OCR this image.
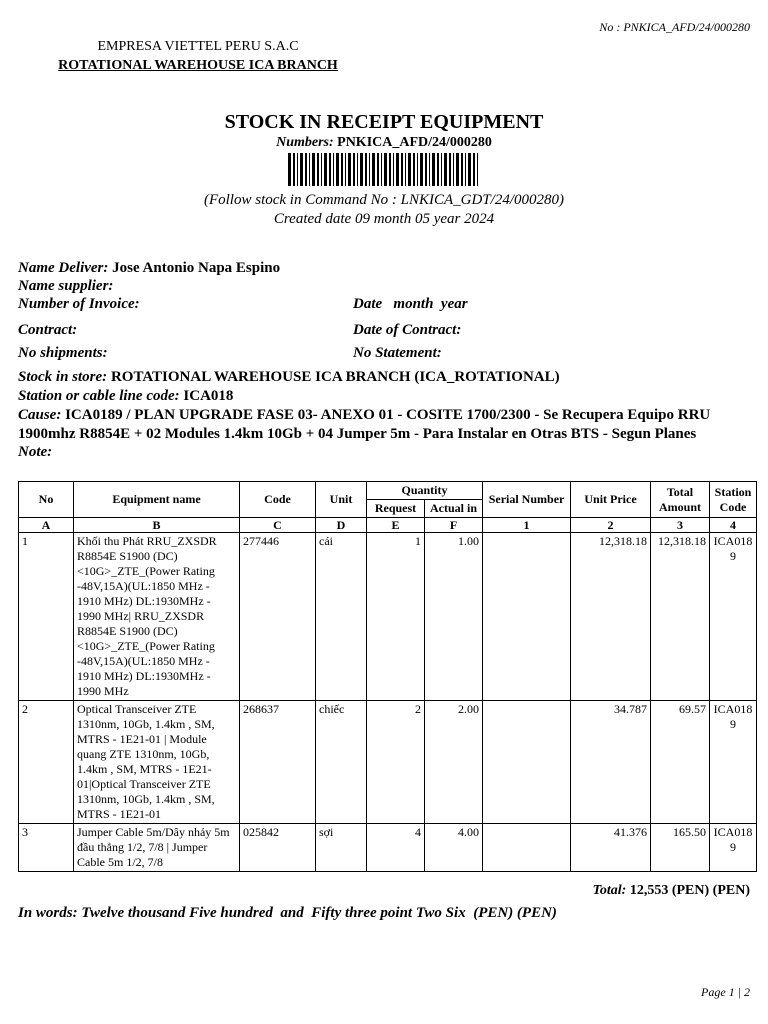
No : PNKICA_AFD/24/000280
EMPRESA VIETTEL PERU S.A.C
ROTATIONAL WAREHOUSE ICA BRANCH
STOCK IN RECEIPT EQUIPMENT
Numbers: PNKICA_AFD/24/000280
(Follow stock in Command No : LNKICA_GDT/24/000280)
Created date 09 month 05 year 2024
Name Deliver: Jose Antonio Napa Espino
Name supplier:
Number of Invoice:	Date   month  year
Contract:	Date of Contract:
No shipments:	No Statement:
Stock in store: ROTATIONAL WAREHOUSE ICA BRANCH (ICA_ROTATIONAL)
Station or cable line code: ICA018
Cause: ICA0189 / PLAN UPGRADE FASE 03- ANEXO 01 - COSITE 1700/2300 - Se Recupera Equipo RRU 1900mhz R8854E + 02 Modules 1.4km 10Gb + 04 Jumper 5m - Para Instalar en Otras BTS - Segun Planes
Note:
No	Equipment name	Code	Unit	Quantity		Serial Number	Unit Price	Total Amount	Station Code
				Request	Actual in				
A	B	C	D	E	F	1	2	3	4
1	Khối thu Phát RRU_ZXSDR R8854E S1900 (DC)<10G>_ZTE_(Power Rating -48V,15A)(UL:1850 MHz - 1910 MHz) DL:1930MHz - 1990 MHz| RRU_ZXSDR R8854E S1900 (DC)<10G>_ZTE_(Power Rating -48V,15A)(UL:1850 MHz - 1910 MHz) DL:1930MHz - 1990 MHz	277446	cái	1	1.00		12,318.18	12,318.18	ICA0189
2	Optical Transceiver ZTE 1310nm, 10Gb, 1.4km , SM, MTRS - 1E21-01 | Module quang ZTE 1310nm, 10Gb, 1.4km , SM, MTRS - 1E21-01|Optical Transceiver ZTE 1310nm, 10Gb, 1.4km , SM, MTRS - 1E21-01	268637	chiếc	2	2.00		34.787	69.57	ICA0189
3	Jumper Cable 5m/Dây nhảy 5m đầu thẳng 1/2, 7/8 | Jumper Cable 5m 1/2, 7/8	025842	sợi	4	4.00		41.376	165.50	ICA0189
Total: 12,553 (PEN) (PEN)
In words: Twelve thousand Five hundred  and  Fifty three point Two Six  (PEN) (PEN)
Page 1 | 2
